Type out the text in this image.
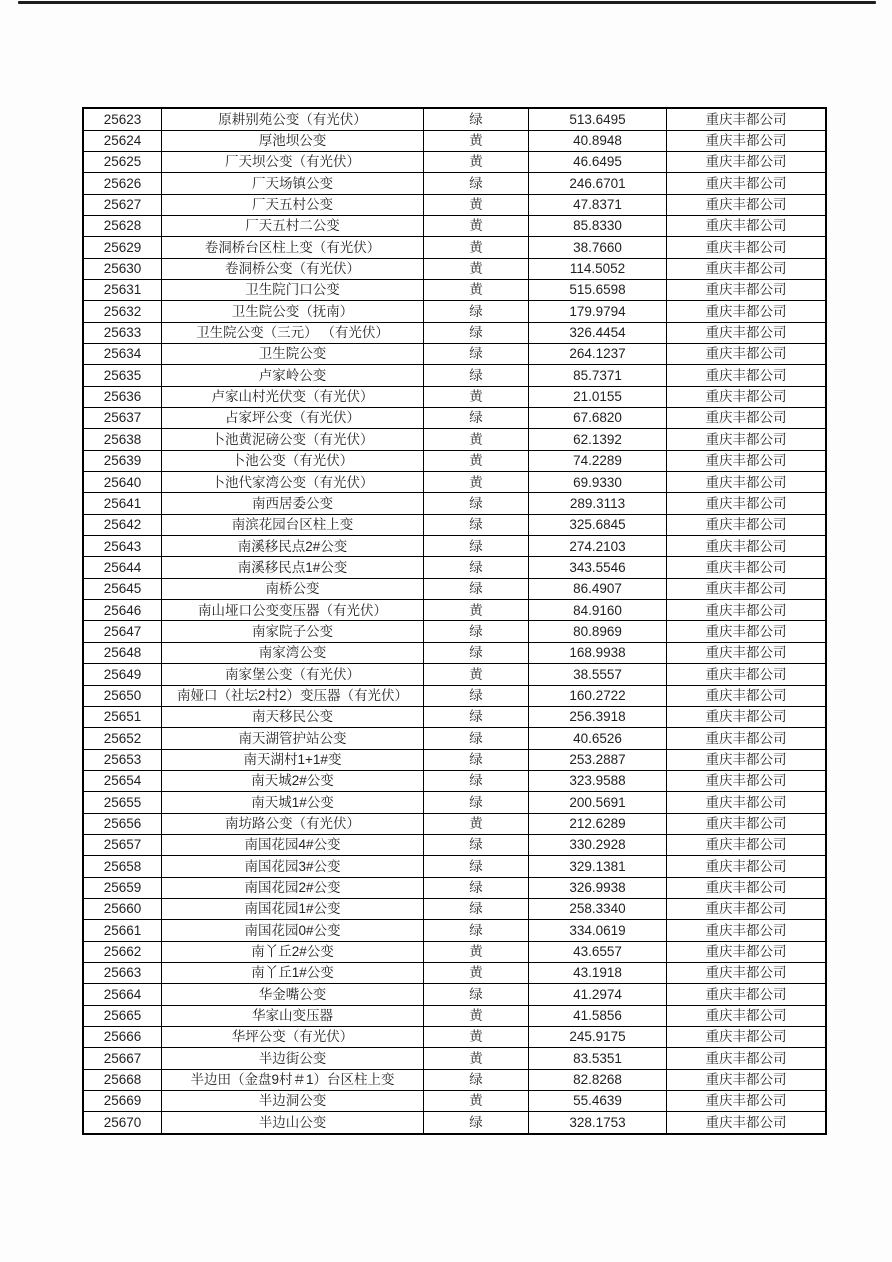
25623	原耕别苑公变（有光伏）	绿	513.6495	重庆丰都公司
25624	厚池坝公变	黄	40.8948	重庆丰都公司
25625	厂天坝公变（有光伏）	黄	46.6495	重庆丰都公司
25626	厂天场镇公变	绿	246.6701	重庆丰都公司
25627	厂天五村公变	黄	47.8371	重庆丰都公司
25628	厂天五村二公变	黄	85.8330	重庆丰都公司
25629	卷洞桥台区柱上变（有光伏）	黄	38.7660	重庆丰都公司
25630	卷洞桥公变（有光伏）	黄	114.5052	重庆丰都公司
25631	卫生院门口公变	黄	515.6598	重庆丰都公司
25632	卫生院公变（抚南）	绿	179.9794	重庆丰都公司
25633	卫生院公变（三元） （有光伏）	绿	326.4454	重庆丰都公司
25634	卫生院公变	绿	264.1237	重庆丰都公司
25635	卢家岭公变	绿	85.7371	重庆丰都公司
25636	卢家山村光伏变（有光伏）	黄	21.0155	重庆丰都公司
25637	占家坪公变（有光伏）	绿	67.6820	重庆丰都公司
25638	卜池黄泥磅公变（有光伏）	黄	62.1392	重庆丰都公司
25639	卜池公变（有光伏）	黄	74.2289	重庆丰都公司
25640	卜池代家湾公变（有光伏）	黄	69.9330	重庆丰都公司
25641	南西居委公变	绿	289.3113	重庆丰都公司
25642	南滨花园台区柱上变	绿	325.6845	重庆丰都公司
25643	南溪移民点2#公变	绿	274.2103	重庆丰都公司
25644	南溪移民点1#公变	绿	343.5546	重庆丰都公司
25645	南桥公变	绿	86.4907	重庆丰都公司
25646	南山垭口公变变压器（有光伏）	黄	84.9160	重庆丰都公司
25647	南家院子公变	绿	80.8969	重庆丰都公司
25648	南家湾公变	绿	168.9938	重庆丰都公司
25649	南家堡公变（有光伏）	黄	38.5557	重庆丰都公司
25650	南娅口（社坛2村2）变压器（有光伏）	绿	160.2722	重庆丰都公司
25651	南天移民公变	绿	256.3918	重庆丰都公司
25652	南天湖管护站公变	绿	40.6526	重庆丰都公司
25653	南天湖村1+1#变	绿	253.2887	重庆丰都公司
25654	南天城2#公变	绿	323.9588	重庆丰都公司
25655	南天城1#公变	绿	200.5691	重庆丰都公司
25656	南坊路公变（有光伏）	黄	212.6289	重庆丰都公司
25657	南国花园4#公变	绿	330.2928	重庆丰都公司
25658	南国花园3#公变	绿	329.1381	重庆丰都公司
25659	南国花园2#公变	绿	326.9938	重庆丰都公司
25660	南国花园1#公变	绿	258.3340	重庆丰都公司
25661	南国花园0#公变	绿	334.0619	重庆丰都公司
25662	南丫丘2#公变	黄	43.6557	重庆丰都公司
25663	南丫丘1#公变	黄	43.1918	重庆丰都公司
25664	华金嘴公变	绿	41.2974	重庆丰都公司
25665	华家山变压器	黄	41.5856	重庆丰都公司
25666	华坪公变（有光伏）	黄	245.9175	重庆丰都公司
25667	半边街公变	黄	83.5351	重庆丰都公司
25668	半边田（金盘9村＃1）台区柱上变	绿	82.8268	重庆丰都公司
25669	半边洞公变	黄	55.4639	重庆丰都公司
25670	半边山公变	绿	328.1753	重庆丰都公司
